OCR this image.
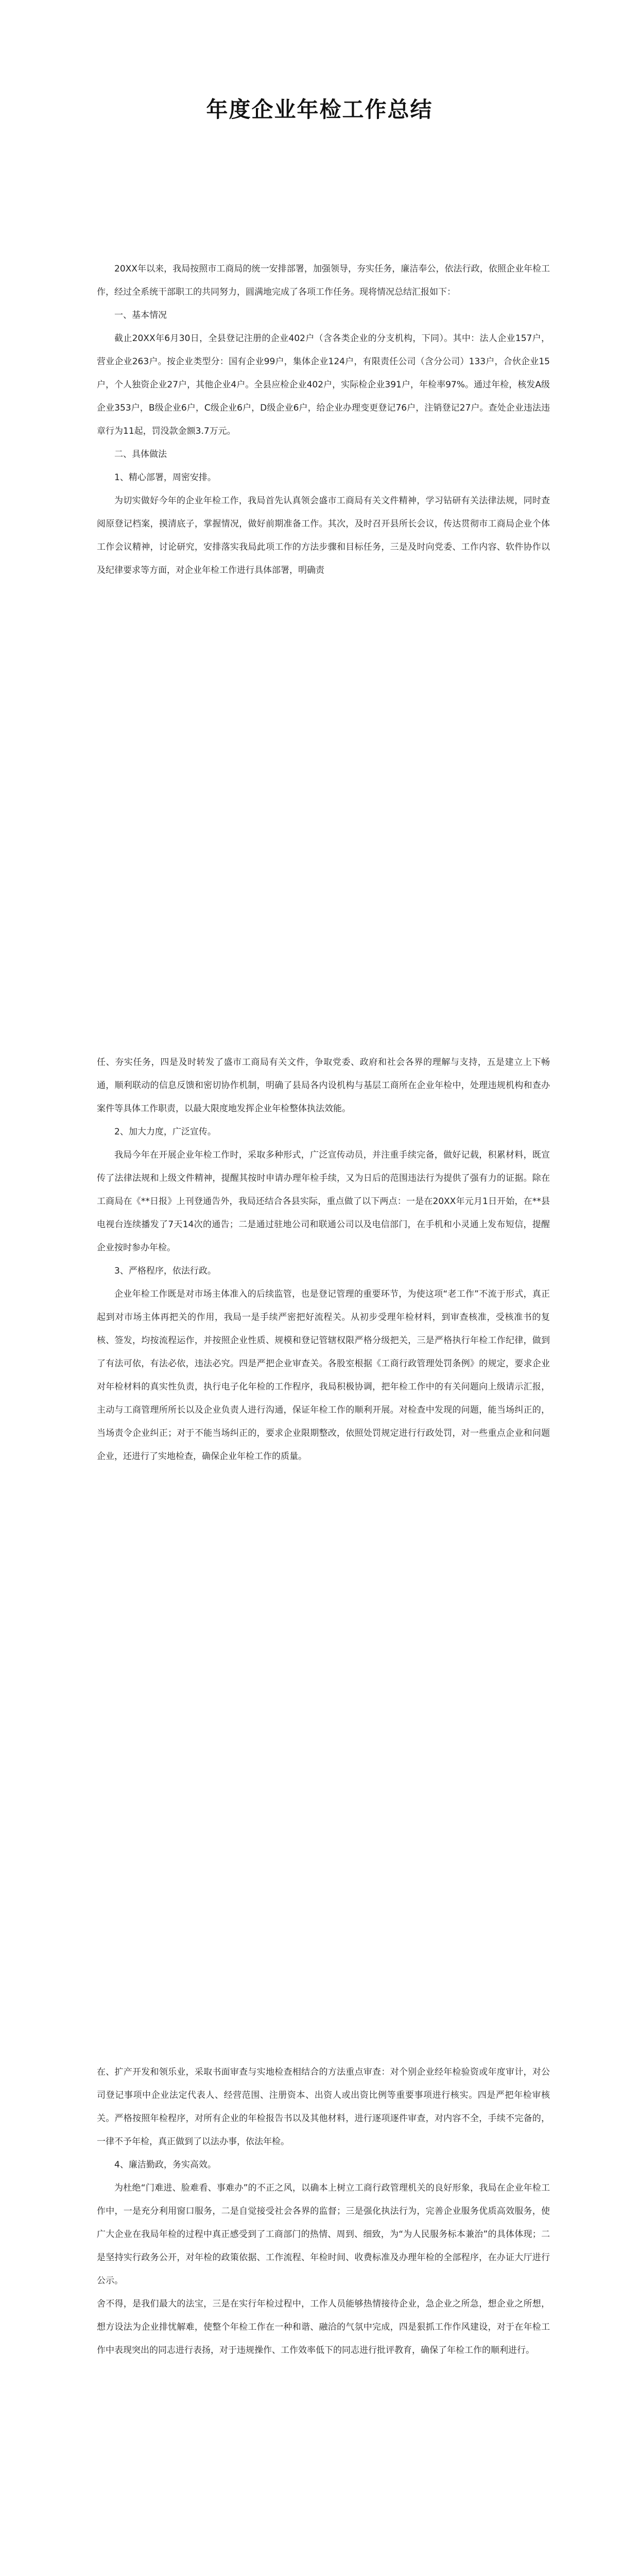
年度企业年检工作总结

20XX年以来，我局按照市工商局的统一安排部署，加强领导，夯实任务，廉洁奉公，依法行政，依照企业年检工作，经过全系统干部职工的共同努力，圆满地完成了各项工作任务。现将情况总结汇报如下：

一、基本情况

截止20XX年6月30日，全县登记注册的企业402户（含各类企业的分支机构，下同）。其中：法人企业157户，营业企业263户。按企业类型分：国有企业99户，集体企业124户，有限责任公司（含分公司）133户，合伙企业15户，个人独资企业27户，其他企业4户。全县应检企业402户，实际检企业391户，年检率97%。通过年检，核发A级企业353户，B级企业6户，C级企业6户，D级企业6户，给企业办理变更登记76户，注销登记27户。查处企业违法违章行为11起，罚没款金额3.7万元。

二、具体做法

1、精心部署，周密安排。

为切实做好今年的企业年检工作，我局首先认真领会盛市工商局有关文件精神，学习钻研有关法律法规，同时查阅原登记档案，摸清底子，掌握情况，做好前期准备工作。其次，及时召开县所长会议，传达贯彻市工商局企业个体工作会议精神，讨论研究，安排落实我局此项工作的方法步骤和目标任务，三是及时向党委、工作内容、软件协作以及纪律要求等方面，对企业年检工作进行具体部署，明确责

任、夯实任务，四是及时转发了盛市工商局有关文件，争取党委、政府和社会各界的理解与支持，五是建立上下畅通，顺利联动的信息反馈和密切协作机制，明确了县局各内设机构与基层工商所在企业年检中，处理违规机构和查办案件等具体工作职责，以最大限度地发挥企业年检整体执法效能。

2、加大力度，广泛宣传。

我局今年在开展企业年检工作时，采取多种形式，广泛宣传动员，并注重手续完备，做好记载，积累材料，既宣传了法律法规和上级文件精神，提醒其按时申请办理年检手续，又为日后的范围违法行为提供了强有力的证据。除在工商局在《**日报》上刊登通告外，我局还结合各县实际，重点做了以下两点：一是在20XX年元月1日开始，在**县电视台连续播发了7天14次的通告；二是通过驻地公司和联通公司以及电信部门，在手机和小灵通上发布短信，提醒企业按时参办年检。

3、严格程序，依法行政。

企业年检工作既是对市场主体准入的后续监管，也是登记管理的重要环节，为使这项“老工作”不流于形式，真正起到对市场主体再把关的作用，我局一是手续严密把好流程关。从初步受理年检材料，到审查核准，受核准书的复核、签发，均按流程运作，并按照企业性质、规模和登记管辖权限严格分级把关，三是严格执行年检工作纪律，做到了有法可依，有法必依，违法必究。四是严把企业审查关。各股室根据《工商行政管理处罚条例》的规定，要求企业对年检材料的真实性负责，执行电子化年检的工作程序，我局积极协调，把年检工作中的有关问题向上级请示汇报，主动与工商管理所所长以及企业负责人进行沟通，保证年检工作的顺利开展。对检查中发现的问题，能当场纠正的，当场责令企业纠正；对于不能当场纠正的，要求企业限期整改，依照处罚规定进行行政处罚，对一些重点企业和问题企业，还进行了实地检查，确保企业年检工作的质量。

在、扩产开发和领乐业，采取书面审查与实地检查相结合的方法重点审查：对个别企业经年检验资或年度审计，对公司登记事项中企业法定代表人、经营范围、注册资本、出资人或出资比例等重要事项进行核实。四是严把年检审核关。严格按照年检程序，对所有企业的年检报告书以及其他材料，进行逐项逐件审查，对内容不全，手续不完备的，一律不予年检，真正做到了以法办事，依法年检。

4、廉洁勤政，务实高效。

为杜绝“门难进、脸难看、事难办”的不正之风，以确本上树立工商行政管理机关的良好形象，我局在企业年检工作中，一是充分利用窗口服务，二是自觉接受社会各界的监督；三是强化执法行为，完善企业服务优质高效服务，使广大企业在我局年检的过程中真正感受到了工商部门的热情、周到、细致，为“为人民服务标本兼治”的具体体现；二是坚持实行政务公开，对年检的政策依据、工作流程、年检时间、收费标准及办理年检的全部程序，在办证大厅进行公示。

舍不得，是我们最大的法宝，三是在实行年检过程中，工作人员能够热情接待企业，急企业之所急，想企业之所想，想方设法为企业排忧解难，使整个年检工作在一种和谐、融洽的气氛中完成，四是狠抓工作作风建设，对于在年检工作中表现突出的同志进行表扬，对于违规操作、工作效率低下的同志进行批评教育，确保了年检工作的顺利进行。
